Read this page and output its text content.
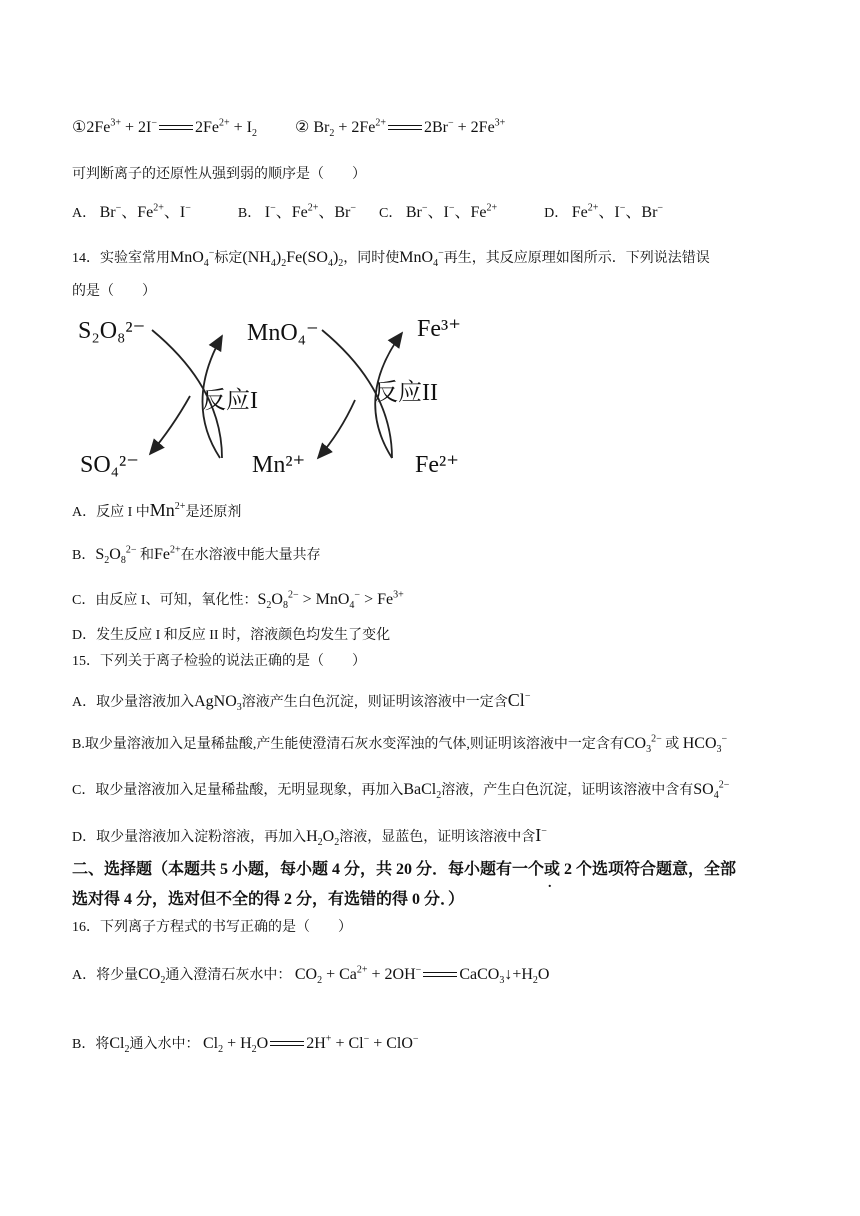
$①2Fe^{3+} + 2I^-$ $2Fe^{2+} + I_2$ ② $Br_2 + 2Fe^{2+}$ $2Br^- + 2Fe^{3+}$
可判断离子的还原性从强到弱的顺序是（　　）
A． Br−、$Fe^{2+}$、I−	B． I−、$Fe^{2+}$、Br− C． Br−、I−、$Fe^{2+}$	D． $Fe^{2+}$、I−、Br−
14．实验室常用MnO$_4$−标定$(NH_4)_2Fe(SO_4)_2$，同时使MnO$_4$−再生，其反应原理如图所示．下列说法错误
的是（　　）
S₂O₈²⁻
SO₄²⁻
MnO₄⁻
Mn²⁺
Fe³⁺
Fe²⁺
反应I	反应II
A．反应 I 中$Mn^{2+}$是还原剂
B．$S_2O_8^{2-}$ 和$Fe^{2+}$在水溶液中能大量共存
C．由反应 I、可知，氧化性：$S_2O_8^{2-} > MnO_4^- > Fe^{3+}$
D．发生反应 I 和反应 II 时，溶液颜色均发生了变化
15．下列关于离子检验的说法正确的是（　　）
A．取少量溶液加入AgNO$_3$溶液产生白色沉淀，则证明该溶液中一定含Cl−
B.取少量溶液加入足量稀盐酸,产生能使澄清石灰水变浑浊的气体,则证明该溶液中一定含有$CO_3^{2-}$ 或 $HCO_3^-$
C．取少量溶液加入足量稀盐酸，无明显现象，再加入BaCl$_2$溶液，产生白色沉淀，证明该溶液中含有$SO_4^{2-}$
D．取少量溶液加入淀粉溶液，再加入$H_2O_2$溶液，显蓝色，证明该溶液中含I−
二、选择题（本题共 5 小题，每小题 4 分，共 20 分．每小题有一个或 2 个 .选项符合题意，全部
选对得 4 分，选对但不全的得 2 分，有选错的得 0 分．）
16．下列离子方程式的书写正确的是（　　）
A．将少量$CO_2$通入澄清石灰水中： $CO_2 + Ca^{2+} + 2OH^-$ $CaCO_3↓+H_2O$
B．将$Cl_2$通入水中： $Cl_2 + H_2O$ 2H+ + Cl− + ClO−
